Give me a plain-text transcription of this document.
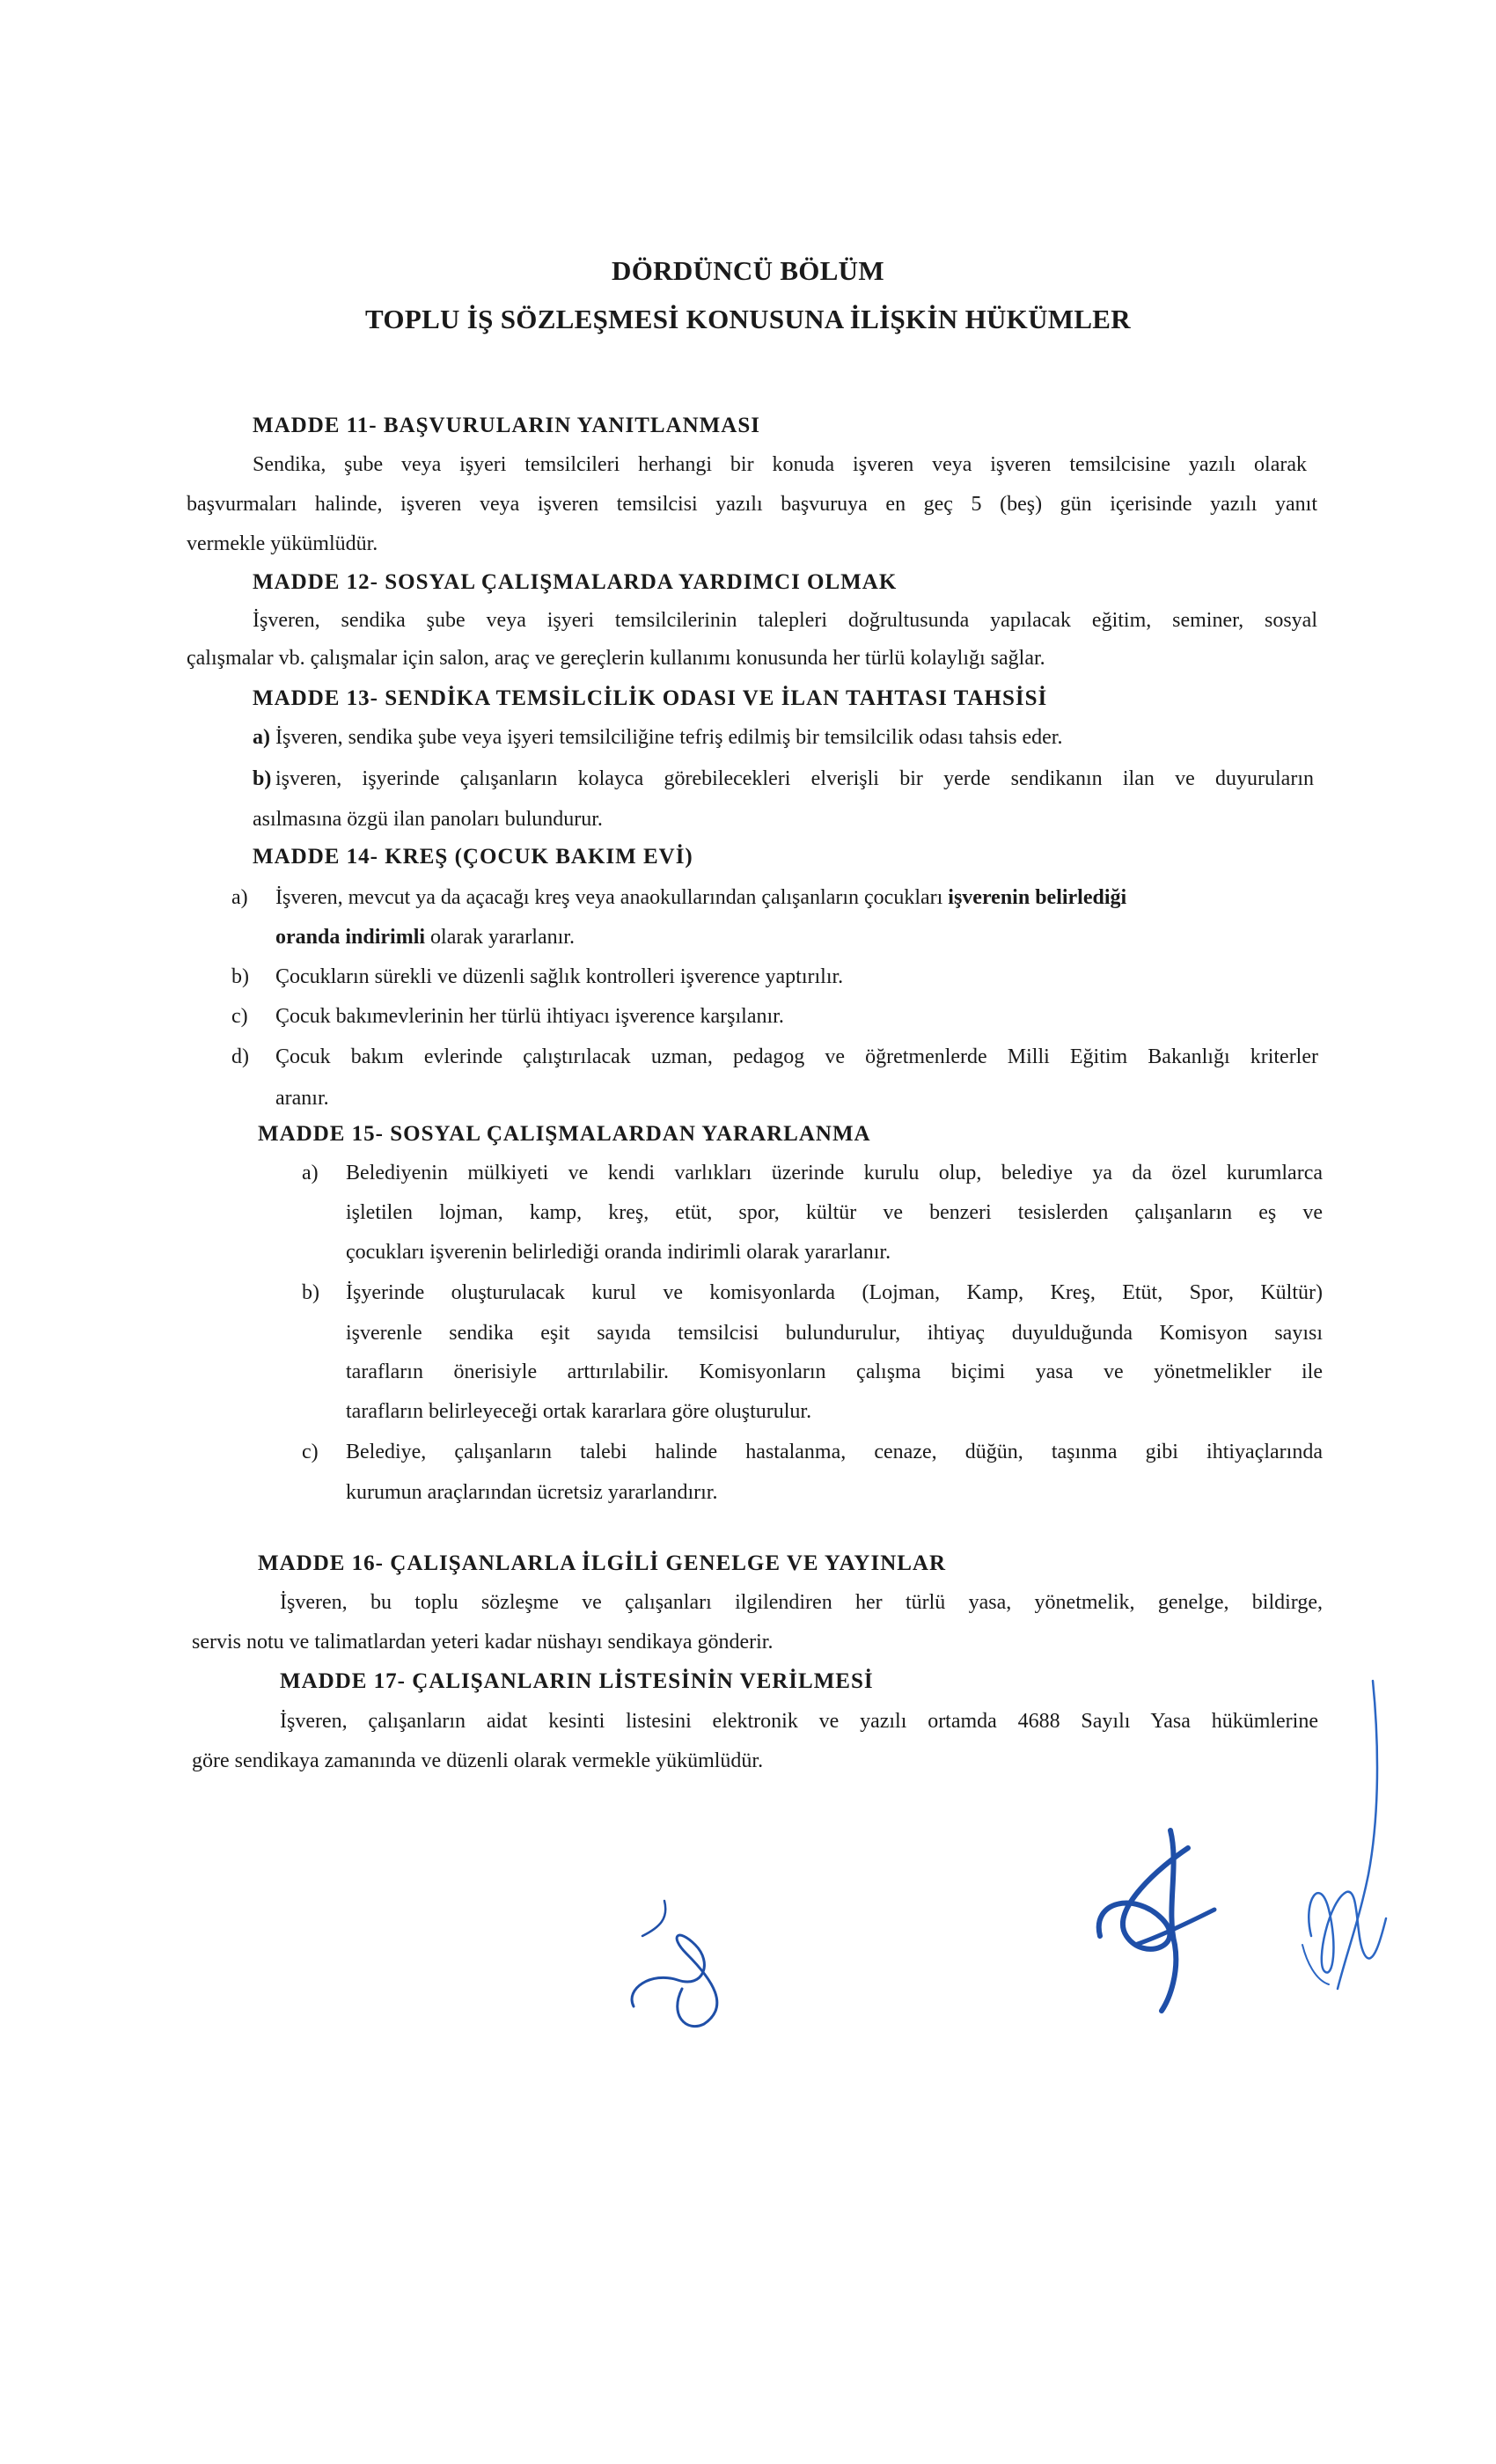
DÖRDÜNCÜ BÖLÜM
TOPLU İŞ SÖZLEŞMESİ KONUSUNA İLİŞKİN HÜKÜMLER
MADDE 11- BAŞVURULARIN YANITLANMASI
Sendika, şube veya işyeri temsilcileri herhangi bir konuda işveren veya işveren temsilcisine yazılı olarak
başvurmaları halinde, işveren veya işveren temsilcisi yazılı başvuruya en geç 5 (beş) gün içerisinde yazılı yanıt
vermekle yükümlüdür.
MADDE 12- SOSYAL ÇALIŞMALARDA YARDIMCI OLMAK
İşveren, sendika şube veya işyeri temsilcilerinin talepleri doğrultusunda yapılacak eğitim, seminer, sosyal
çalışmalar vb. çalışmalar için salon, araç ve gereçlerin kullanımı konusunda her türlü kolaylığı sağlar.
MADDE 13- SENDİKA TEMSİLCİLİK ODASI VE İLAN TAHTASI TAHSİSİ
a) İşveren, sendika şube veya işyeri temsilciliğine tefriş edilmiş bir temsilcilik odası tahsis eder.
b) işveren, işyerinde çalışanların kolayca görebilecekleri elverişli bir yerde sendikanın ilan ve duyuruların
asılmasına özgü ilan panoları bulundurur.
MADDE 14- KREŞ (ÇOCUK BAKIM EVİ)
a) İşveren, mevcut ya da açacağı kreş veya anaokullarından çalışanların çocukları işverenin belirlediği
oranda indirimli olarak yararlanır.
b) Çocukların sürekli ve düzenli sağlık kontrolleri işverence yaptırılır.
c) Çocuk bakımevlerinin her türlü ihtiyacı işverence karşılanır.
d) Çocuk bakım evlerinde çalıştırılacak uzman, pedagog ve öğretmenlerde Milli Eğitim Bakanlığı kriterler
aranır.
MADDE 15- SOSYAL ÇALIŞMALARDAN YARARLANMA
a) Belediyenin mülkiyeti ve kendi varlıkları üzerinde kurulu olup, belediye ya da özel kurumlarca
işletilen lojman, kamp, kreş, etüt, spor, kültür ve benzeri tesislerden çalışanların eş ve
çocukları işverenin belirlediği oranda indirimli olarak yararlanır.
b) İşyerinde oluşturulacak kurul ve komisyonlarda (Lojman, Kamp, Kreş, Etüt, Spor, Kültür)
işverenle sendika eşit sayıda temsilcisi bulundurulur, ihtiyaç duyulduğunda Komisyon sayısı
tarafların önerisiyle arttırılabilir. Komisyonların çalışma biçimi yasa ve yönetmelikler ile
tarafların belirleyeceği ortak kararlara göre oluşturulur.
c) Belediye, çalışanların talebi halinde hastalanma, cenaze, düğün, taşınma gibi ihtiyaçlarında
kurumun araçlarından ücretsiz yararlandırır.
MADDE 16- ÇALIŞANLARLA İLGİLİ GENELGE VE YAYINLAR
İşveren, bu toplu sözleşme ve çalışanları ilgilendiren her türlü yasa, yönetmelik, genelge, bildirge,
servis notu ve talimatlardan yeteri kadar nüshayı sendikaya gönderir.
MADDE 17- ÇALIŞANLARIN LİSTESİNİN VERİLMESİ
İşveren, çalışanların aidat kesinti listesini elektronik ve yazılı ortamda 4688 Sayılı Yasa hükümlerine
göre sendikaya zamanında ve düzenli olarak vermekle yükümlüdür.
